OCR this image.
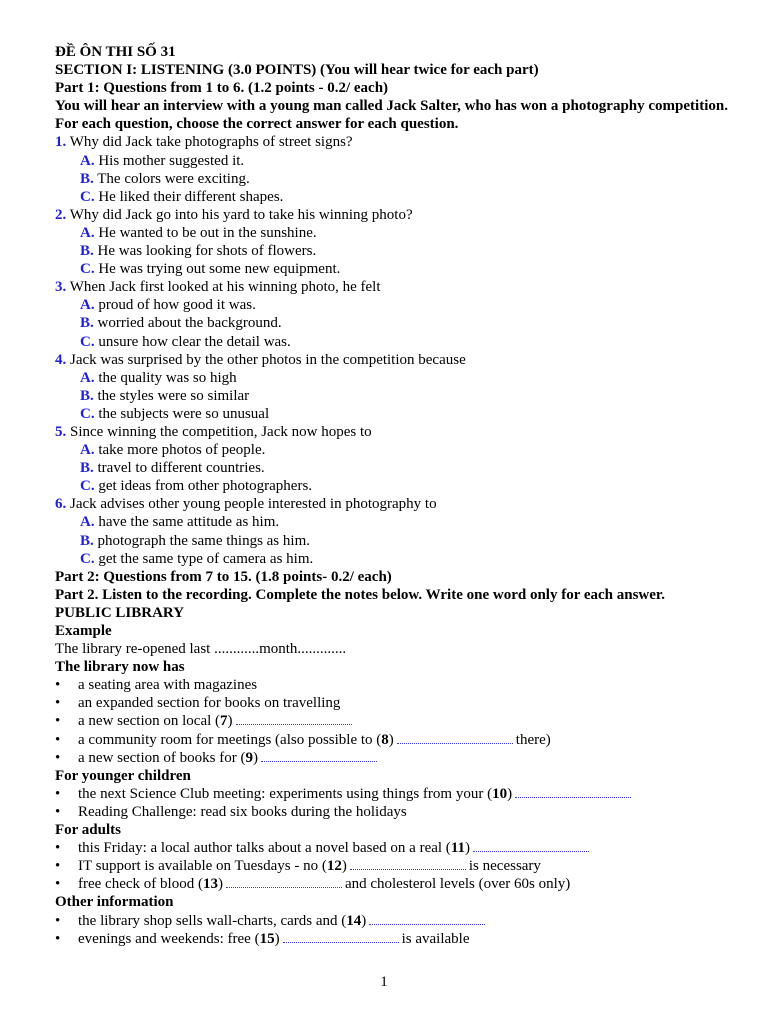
ĐỀ ÔN THI SỐ 31
SECTION I: LISTENING (3.0 POINTS) (You will hear twice for each part)
Part 1: Questions from 1 to 6. (1.2 points - 0.2/ each)
You will hear an interview with a young man called Jack Salter, who has won a photography competition. For each question, choose the correct answer for each question.
1. Why did Jack take photographs of street signs?
A. His mother suggested it.
B. The colors were exciting.
C. He liked their different shapes.
2. Why did Jack go into his yard to take his winning photo?
A. He wanted to be out in the sunshine.
B. He was looking for shots of flowers.
C. He was trying out some new equipment.
3. When Jack first looked at his winning photo, he felt
A. proud of how good it was.
B. worried about the background.
C. unsure how clear the detail was.
4. Jack was surprised by the other photos in the competition because
A. the quality was so high
B. the styles were so similar
C. the subjects were so unusual
5. Since winning the competition, Jack now hopes to
A. take more photos of people.
B. travel to different countries.
C. get ideas from other photographers.
6. Jack advises other young people interested in photography to
A. have the same attitude as him.
B. photograph the same things as him.
C. get the same type of camera as him.
Part 2: Questions from 7 to 15. (1.8 points- 0.2/ each)
Part 2. Listen to the recording. Complete the notes below. Write one word only for each answer.
PUBLIC LIBRARY
Example
The library re-opened last ............month.............
The library now has
• a seating area with magazines
• an expanded section for books on travelling
• a new section on local (7)
• a community room for meetings (also possible to (8)	there)
• a new section of books for (9)
For younger children
• the next Science Club meeting: experiments using things from your (10)
• Reading Challenge: read six books during the holidays
For adults
• this Friday: a local author talks about a novel based on a real (11)
• IT support is available on Tuesdays - no (12)	is necessary
• free check of blood (13)	and cholesterol levels (over 60s only)
Other information
• the library shop sells wall-charts, cards and (14)
• evenings and weekends: free (15)	is available
1
